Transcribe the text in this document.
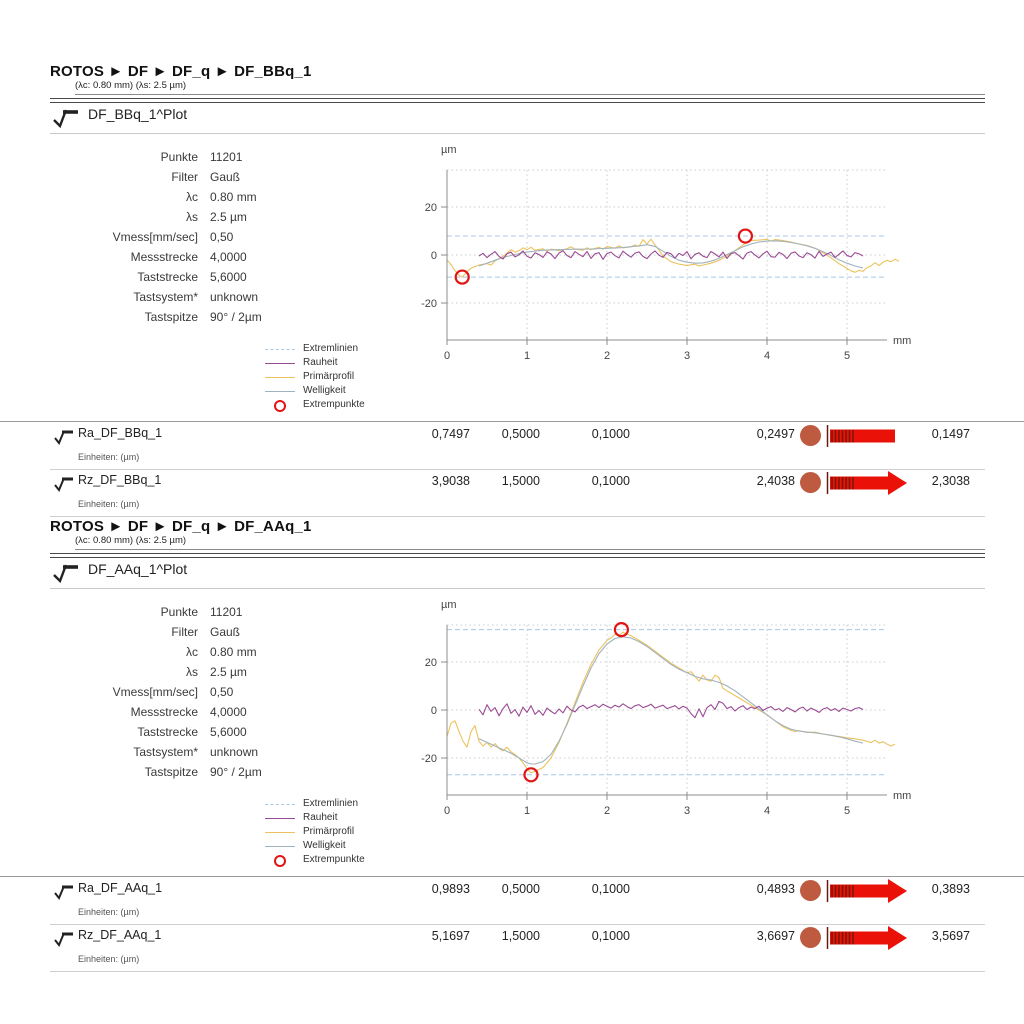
ROTOS ► DF ► DF_q ► DF_BBq_1
(λc: 0.80 mm) (λs: 2.5 µm)
DF_BBq_1^Plot
Punkte 11201
Filter Gauß
λc 0.80 mm
λs 2.5 µm
Vmess[mm/sec] 0,50
Messstrecke 4,0000
Taststrecke 5,6000
Tastsystem* unknown
Tastspitze 90° / 2µm
20
0
-20
0	1	2	3	4	5
µm
mm
Extremlinien
Rauheit
Primärprofil
Welligkeit
Extrempunkte
Ra_DF_BBq_1	0,7497	0,5000	0,1000	0,2497	0,1497
Einheiten: (µm)
Rz_DF_BBq_1	3,9038	1,5000	0,1000	2,4038	2,3038
Einheiten: (µm)
ROTOS ► DF ► DF_q ► DF_AAq_1
(λc: 0.80 mm) (λs: 2.5 µm)
DF_AAq_1^Plot
Punkte 11201
Filter Gauß
λc 0.80 mm
λs 2.5 µm
Vmess[mm/sec] 0,50
Messstrecke 4,0000
Taststrecke 5,6000
Tastsystem* unknown
Tastspitze 90° / 2µm
20
0
-20
0	1	2	3	4	5
µm
mm
Extremlinien
Rauheit
Primärprofil
Welligkeit
Extrempunkte
Ra_DF_AAq_1	0,9893	0,5000	0,1000	0,4893	0,3893
Einheiten: (µm)
Rz_DF_AAq_1	5,1697	1,5000	0,1000	3,6697	3,5697
Einheiten: (µm)
